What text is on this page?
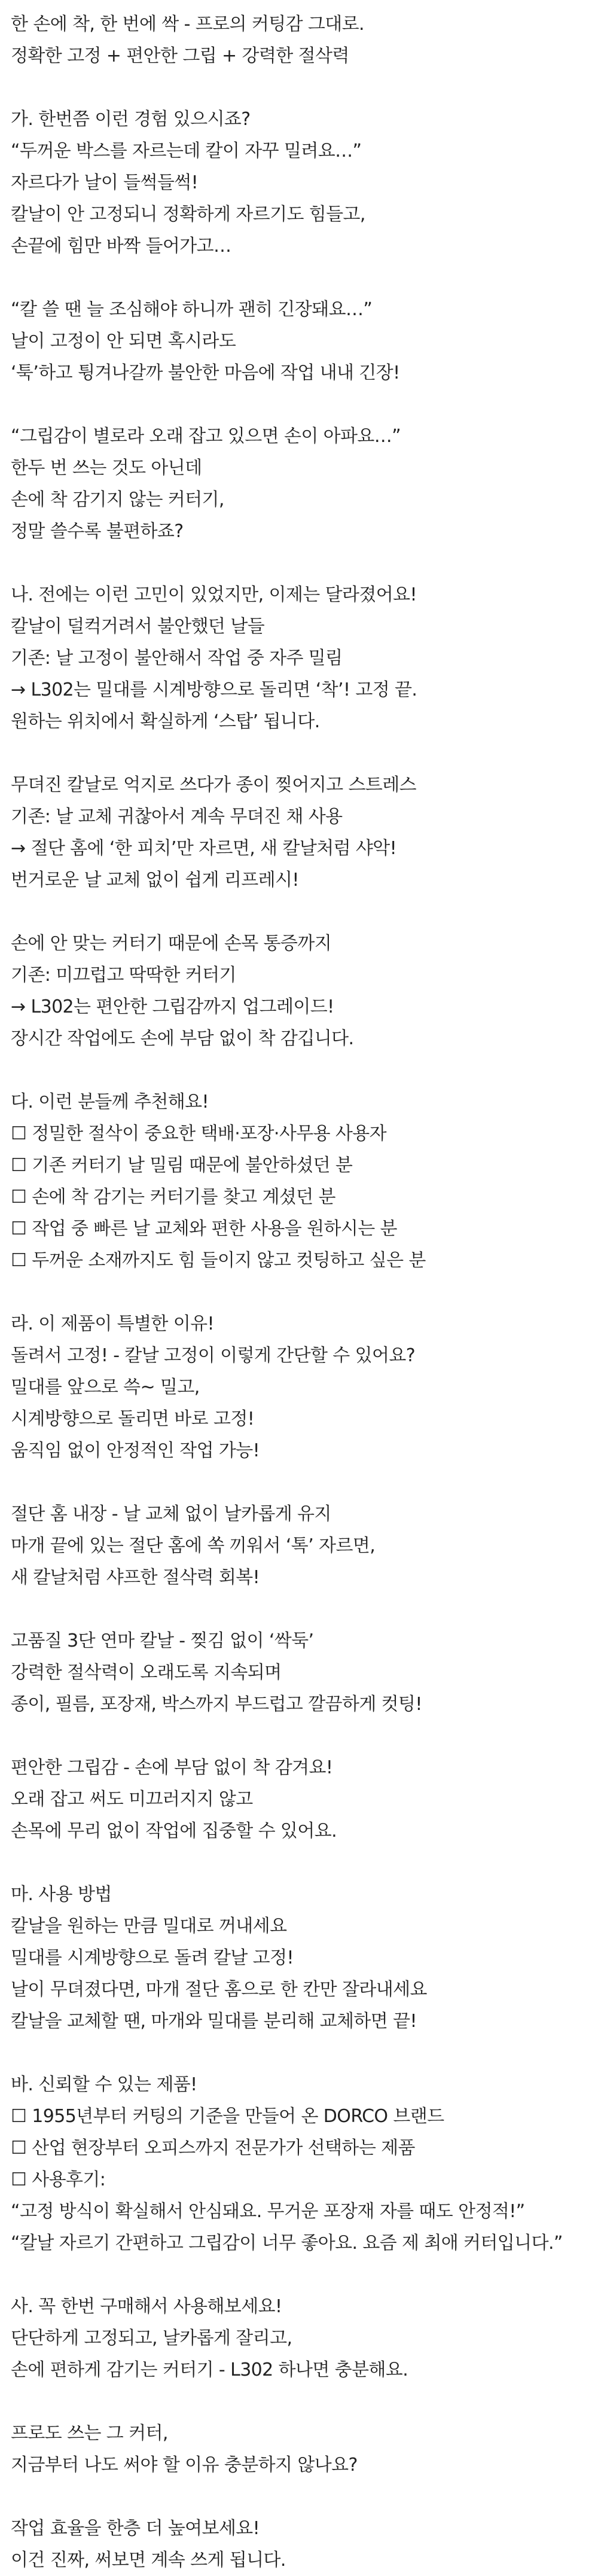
한 손에 착, 한 번에 싹 - 프로의 커팅감 그대로.
정확한 고정 + 편안한 그립 + 강력한 절삭력
가. 한번쯤 이런 경험 있으시죠?
“두꺼운 박스를 자르는데 칼이 자꾸 밀려요…”
자르다가 날이 들썩들썩!
칼날이 안 고정되니 정확하게 자르기도 힘들고,
손끝에 힘만 바짝 들어가고…
“칼 쓸 땐 늘 조심해야 하니까 괜히 긴장돼요…”
날이 고정이 안 되면 혹시라도
‘툭’하고 튕겨나갈까 불안한 마음에 작업 내내 긴장!
“그립감이 별로라 오래 잡고 있으면 손이 아파요…”
한두 번 쓰는 것도 아닌데
손에 착 감기지 않는 커터기,
정말 쓸수록 불편하죠?
나. 전에는 이런 고민이 있었지만, 이제는 달라졌어요!
칼날이 덜컥거려서 불안했던 날들
기존: 날 고정이 불안해서 작업 중 자주 밀림
→ L302는 밀대를 시계방향으로 돌리면 ‘착’! 고정 끝.
원하는 위치에서 확실하게 ‘스탑’ 됩니다.
무뎌진 칼날로 억지로 쓰다가 종이 찢어지고 스트레스
기존: 날 교체 귀찮아서 계속 무뎌진 채 사용
→ 절단 홈에 ‘한 피치’만 자르면, 새 칼날처럼 샤악!
번거로운 날 교체 없이 쉽게 리프레시!
손에 안 맞는 커터기 때문에 손목 통증까지
기존: 미끄럽고 딱딱한 커터기
→ L302는 편안한 그립감까지 업그레이드!
장시간 작업에도 손에 부담 없이 착 감깁니다.
다. 이런 분들께 추천해요!
☐ 정밀한 절삭이 중요한 택배·포장·사무용 사용자
☐ 기존 커터기 날 밀림 때문에 불안하셨던 분
☐ 손에 착 감기는 커터기를 찾고 계셨던 분
☐ 작업 중 빠른 날 교체와 편한 사용을 원하시는 분
☐ 두꺼운 소재까지도 힘 들이지 않고 컷팅하고 싶은 분
라. 이 제품이 특별한 이유!
돌려서 고정! - 칼날 고정이 이렇게 간단할 수 있어요?
밀대를 앞으로 쓱~ 밀고,
시계방향으로 돌리면 바로 고정!
움직임 없이 안정적인 작업 가능!
절단 홈 내장 - 날 교체 없이 날카롭게 유지
마개 끝에 있는 절단 홈에 쏙 끼워서 ‘톡’ 자르면,
새 칼날처럼 샤프한 절삭력 회복!
고품질 3단 연마 칼날 - 찢김 없이 ‘싹둑’
강력한 절삭력이 오래도록 지속되며
종이, 필름, 포장재, 박스까지 부드럽고 깔끔하게 컷팅!
편안한 그립감 - 손에 부담 없이 착 감겨요!
오래 잡고 써도 미끄러지지 않고
손목에 무리 없이 작업에 집중할 수 있어요.
마. 사용 방법
칼날을 원하는 만큼 밀대로 꺼내세요
밀대를 시계방향으로 돌려 칼날 고정!
날이 무뎌졌다면, 마개 절단 홈으로 한 칸만 잘라내세요
칼날을 교체할 땐, 마개와 밀대를 분리해 교체하면 끝!
바. 신뢰할 수 있는 제품!
☐ 1955년부터 커팅의 기준을 만들어 온 DORCO 브랜드
☐ 산업 현장부터 오피스까지 전문가가 선택하는 제품
☐ 사용후기:
“고정 방식이 확실해서 안심돼요. 무거운 포장재 자를 때도 안정적!”
“칼날 자르기 간편하고 그립감이 너무 좋아요. 요즘 제 최애 커터입니다.”
사. 꼭 한번 구매해서 사용해보세요!
단단하게 고정되고, 날카롭게 잘리고,
손에 편하게 감기는 커터기 - L302 하나면 충분해요.
프로도 쓰는 그 커터,
지금부터 나도 써야 할 이유 충분하지 않나요?
작업 효율을 한층 더 높여보세요!
이건 진짜, 써보면 계속 쓰게 됩니다.
